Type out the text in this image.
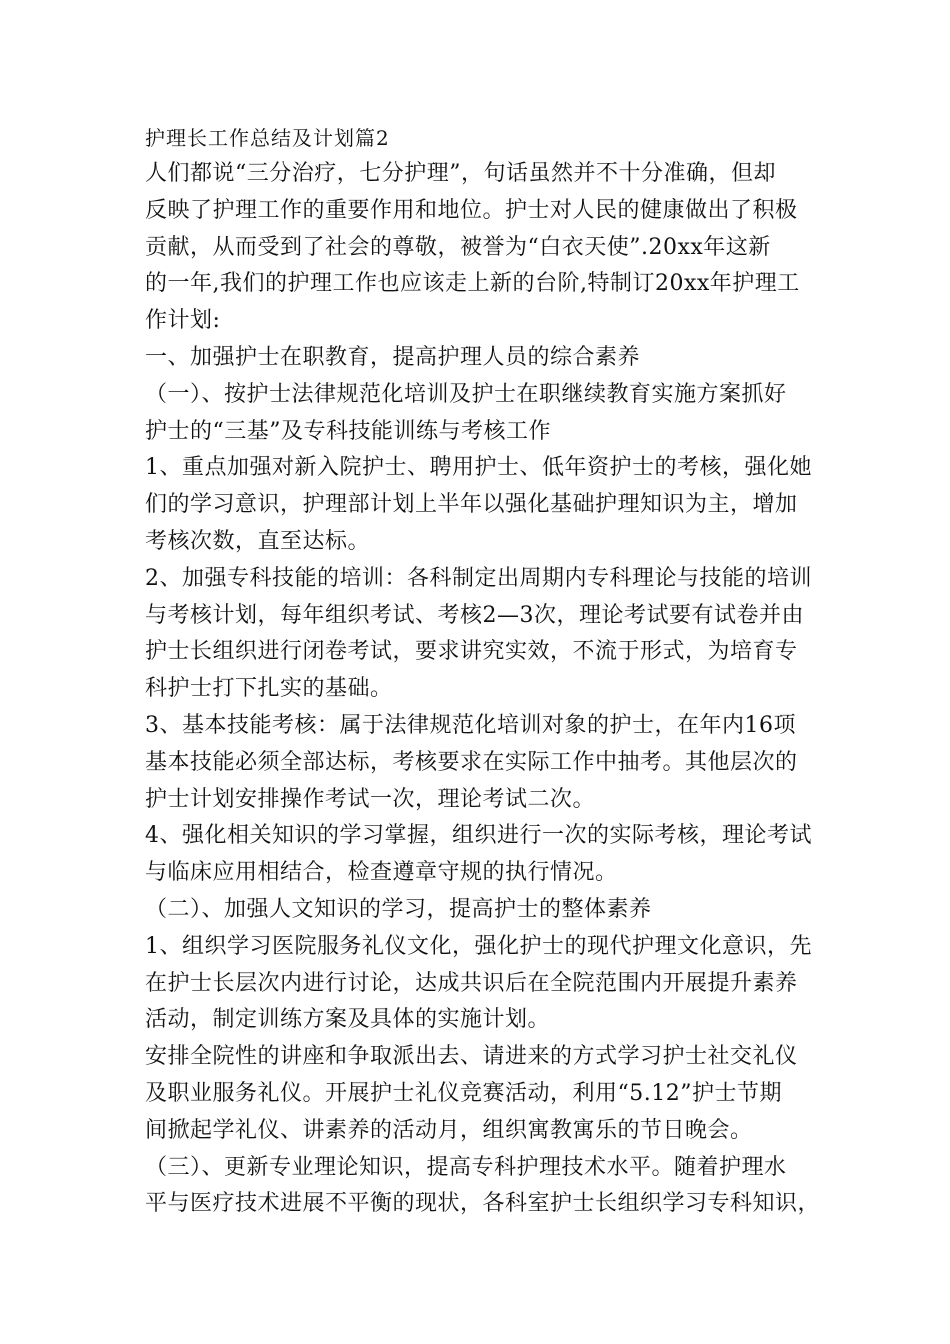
护理长工作总结及计划篇2

人们都说“三分治疗，七分护理”，句话虽然并不十分准确，但却
反映了护理工作的重要作用和地位。护士对人民的健康做出了积极
贡献，从而受到了社会的尊敬，被誉为“白衣天使”.20xx年这新
的一年,我们的护理工作也应该走上新的台阶,特制订20xx年护理工
作计划:

一、加强护士在职教育，提高护理人员的综合素养

（一）、按护士法律规范化培训及护士在职继续教育实施方案抓好
护士的“三基”及专科技能训练与考核工作

1、重点加强对新入院护士、聘用护士、低年资护士的考核，强化她
们的学习意识，护理部计划上半年以强化基础护理知识为主，增加
考核次数，直至达标。

2、加强专科技能的培训：各科制定出周期内专科理论与技能的培训
与考核计划，每年组织考试、考核2—3次，理论考试要有试卷并由
护士长组织进行闭卷考试，要求讲究实效，不流于形式，为培育专
科护士打下扎实的基础。

3、基本技能考核：属于法律规范化培训对象的护士，在年内16项
基本技能必须全部达标，考核要求在实际工作中抽考。其他层次的
护士计划安排操作考试一次，理论考试二次。

4、强化相关知识的学习掌握，组织进行一次的实际考核，理论考试
与临床应用相结合，检查遵章守规的执行情况。

（二）、加强人文知识的学习，提高护士的整体素养

1、组织学习医院服务礼仪文化，强化护士的现代护理文化意识，先
在护士长层次内进行讨论，达成共识后在全院范围内开展提升素养
活动，制定训练方案及具体的实施计划。

安排全院性的讲座和争取派出去、请进来的方式学习护士社交礼仪
及职业服务礼仪。开展护士礼仪竞赛活动，利用“5.12”护士节期
间掀起学礼仪、讲素养的活动月，组织寓教寓乐的节日晚会。

（三）、更新专业理论知识，提高专科护理技术水平。随着护理水
平与医疗技术进展不平衡的现状，各科室护士长组织学习专科知识，
